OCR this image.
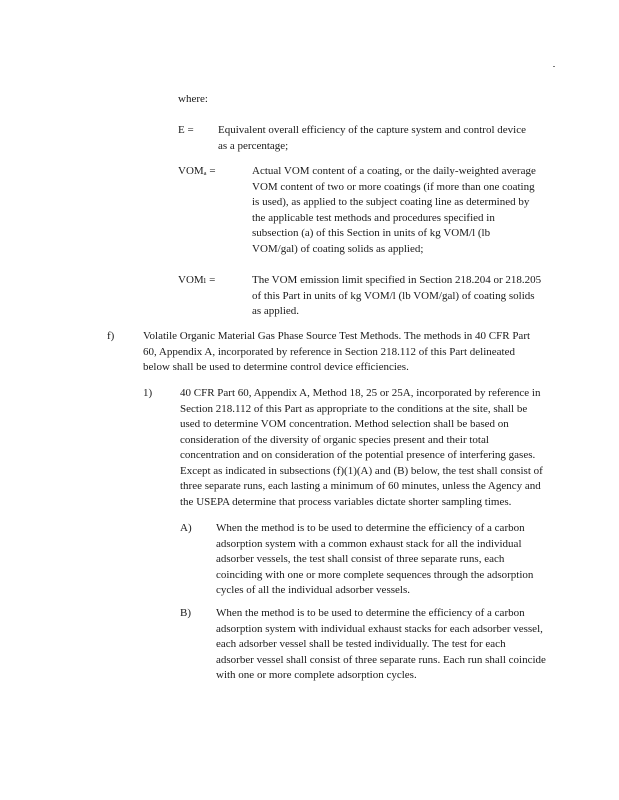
where:

E = Equivalent overall efficiency of the capture system and control device as a percentage;

VOMₐ =	Actual VOM content of a coating, or the daily-weighted average VOM content of two or more coatings (if more than one coating is used), as applied to the subject coating line as determined by the applicable test methods and procedures specified in subsection (a) of this Section in units of kg VOM/l (lb VOM/gal) of coating solids as applied;

VOMₗ =	The VOM emission limit specified in Section 218.204 or 218.205 of this Part in units of kg VOM/l (lb VOM/gal) of coating solids as applied.

f)	Volatile Organic Material Gas Phase Source Test Methods. The methods in 40 CFR Part 60, Appendix A, incorporated by reference in Section 218.112 of this Part delineated below shall be used to determine control device efficiencies.

1)	40 CFR Part 60, Appendix A, Method 18, 25 or 25A, incorporated by reference in Section 218.112 of this Part as appropriate to the conditions at the site, shall be used to determine VOM concentration. Method selection shall be based on consideration of the diversity of organic species present and their total concentration and on consideration of the potential presence of interfering gases. Except as indicated in subsections (f)(1)(A) and (B) below, the test shall consist of three separate runs, each lasting a minimum of 60 minutes, unless the Agency and the USEPA determine that process variables dictate shorter sampling times.

A) When the method is to be used to determine the efficiency of a carbon adsorption system with a common exhaust stack for all the individual adsorber vessels, the test shall consist of three separate runs, each coinciding with one or more complete sequences through the adsorption cycles of all the individual adsorber vessels.

B) When the method is to be used to determine the efficiency of a carbon adsorption system with individual exhaust stacks for each adsorber vessel, each adsorber vessel shall be tested individually. The test for each adsorber vessel shall consist of three separate runs. Each run shall coincide with one or more complete adsorption cycles.
